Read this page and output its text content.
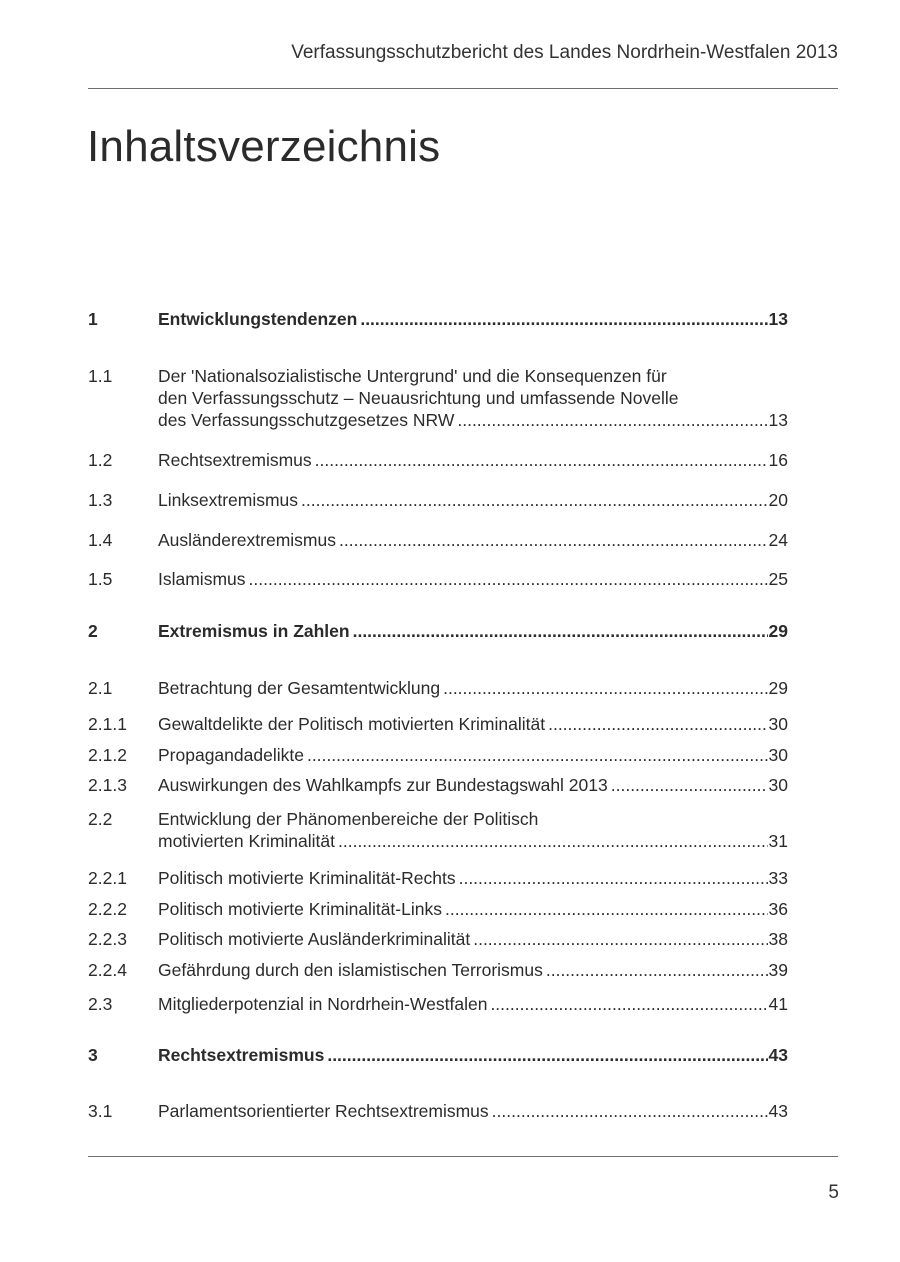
Verfassungsschutzbericht des Landes Nordrhein-Westfalen 2013
Inhaltsverzeichnis
1	Entwicklungstendenzen .....	13
1.1	Der 'Nationalsozialistische Untergrund' und die Konsequenzen für
den Verfassungsschutz – Neuausrichtung und umfassende Novelle
des Verfassungsschutzgesetzes NRW .....	13
1.2	Rechtsextremismus .....	16
1.3	Linksextremismus .....	20
1.4	Ausländerextremismus .....	24
1.5	Islamismus .....	25
2	Extremismus in Zahlen .....	29
2.1	Betrachtung der Gesamtentwicklung .....	29
2.1.1 Gewaltdelikte der Politisch motivierten Kriminalität .....	30
2.1.2 Propagandadelikte .....	30
2.1.3 Auswirkungen des Wahlkampfs zur Bundestagswahl 2013 .....	30
2.2	Entwicklung der Phänomenbereiche der Politisch
motivierten Kriminalität .....	31
2.2.1 Politisch motivierte Kriminalität-Rechts .....	33
2.2.2 Politisch motivierte Kriminalität-Links .....	36
2.2.3 Politisch motivierte Ausländerkriminalität .....	38
2.2.4 Gefährdung durch den islamistischen Terrorismus .....	39
2.3	Mitgliederpotenzial in Nordrhein-Westfalen .....	41
3	Rechtsextremismus .....	43
3.1	Parlamentsorientierter Rechtsextremismus .....	43
5
